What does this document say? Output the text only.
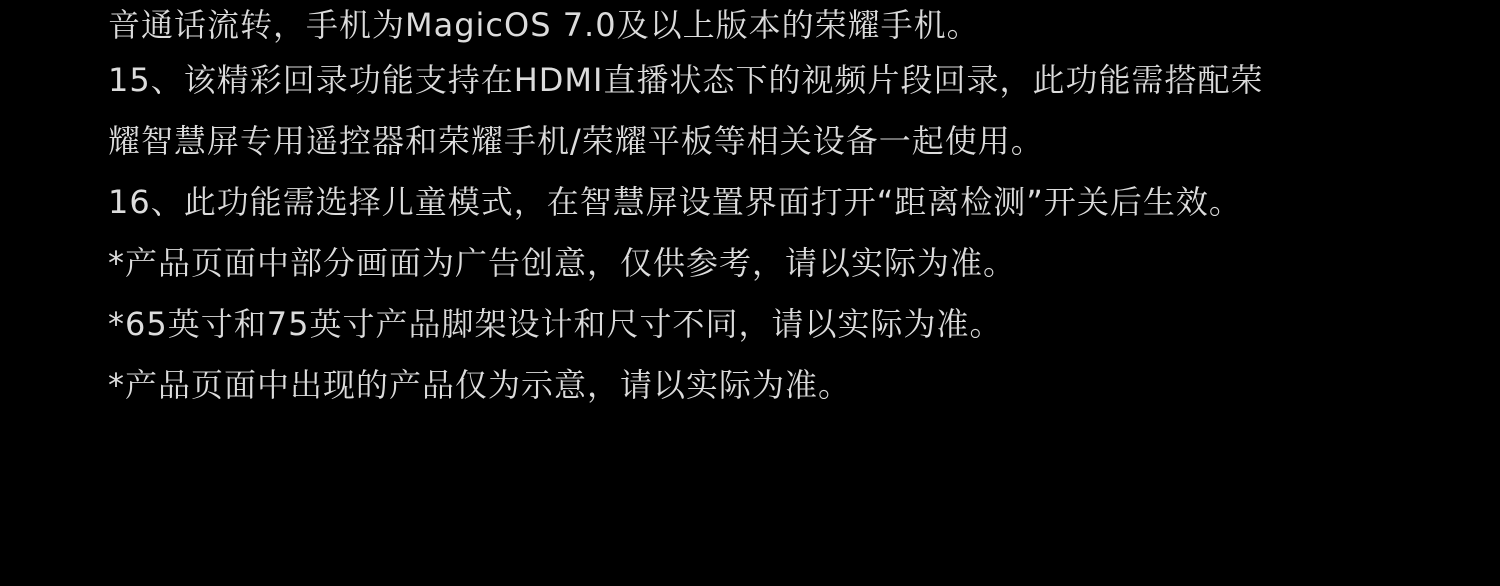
音通话流转，手机为MagicOS 7.0及以上版本的荣耀手机。
15、该精彩回录功能支持在HDMI直播状态下的视频片段回录，此功能需搭配荣
耀智慧屏专用遥控器和荣耀手机/荣耀平板等相关设备一起使用。
16、此功能需选择儿童模式，在智慧屏设置界面打开“距离检测”开关后生效。
*产品页面中部分画面为广告创意，仅供参考，请以实际为准。
*65英寸和75英寸产品脚架设计和尺寸不同，请以实际为准。
*产品页面中出现的产品仅为示意，请以实际为准。
